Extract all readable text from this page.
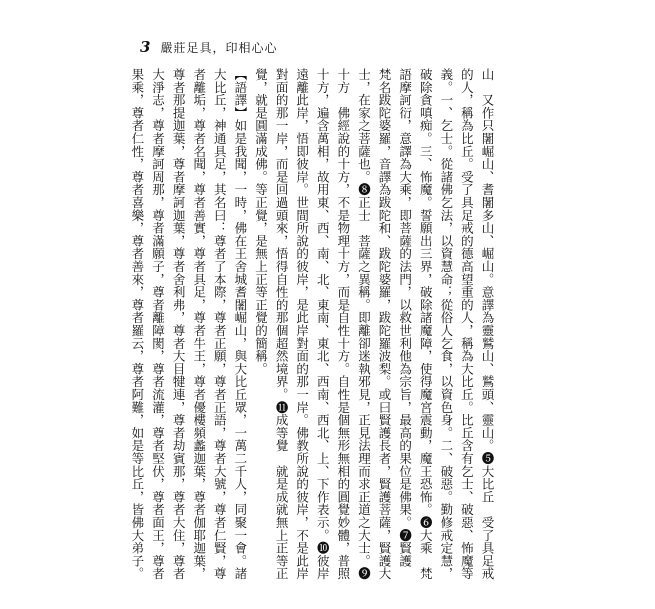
3 嚴莊足具，印相心心

山　又作只闍崛山、耆闍多山、崛山。意譯為靈鷲山、鷲頭、靈山。❺大比丘　受了具足戒的人，稱為比丘。受了具足戒的德高望重的人，稱為大比丘。比丘含有乞士、破惡、怖魔等義。一、乞士。從諸佛乞法，以資慧命；從俗人乞食，以資色身。二、破惡。勤修戒定慧，破除貪嗔痴。三、怖魔。誓願出三界，破除諸魔障，使得魔宮震動，魔王恐怖。❻大乘　梵語摩訶衍，意譯為大乘，即菩薩的法門，以救世利他為宗旨，最高的果位是佛果。❼賢護　梵名跋陀婆羅，音譯為跋陀和、跋陀婆羅，跋陀羅波梨。或曰賢護長者，賢護菩薩，賢護大士，在家之菩薩也。❽正士　菩薩之異稱。即離卻迷執邪見，正見法理而求正道之大士。❾十方　佛經說的十方，不是物理十方，而是自性十方。自性是個無形無相的圓覺妙體，普照十方，遍含萬相，故用東、西、南、北、東南、東北、西南、西北、上、下作表示。❿彼岸　遠離此岸，悟即彼岸。世間所說的彼岸，是此岸對面的那一岸。佛教所說的彼岸，不是此岸對面的那一岸，而是回過頭來，悟得自性的那個超然境界。⓫成等覺　就是成就無上正等正覺，就是圓滿成佛。等正覺，是無上正等正覺的簡稱。

【語譯】如是我聞，一時，佛在王舍城耆闍崛山，與大比丘眾，一萬二千人，同聚一會。諸大比丘，神通具足，其名曰：尊者了本際，尊者正願，尊者正語，尊者大號，尊者仁賢，尊者離垢，尊者名聞，尊者善實，尊者具足，尊者牛王，尊者優樓頻蠡迦葉，尊者伽耶迦葉，尊者那提迦葉，尊者摩訶迦葉，尊者舍利弗，尊者大目犍連，尊者劫賓那，尊者大住，尊者大淨志，尊者摩訶周那，尊者滿願子，尊者離障閡，尊者流灌，尊者堅伏，尊者面王，尊者果乘，尊者仁性，尊者喜樂，尊者善來，尊者羅云，尊者阿難，如是等比丘，皆佛大弟子。
